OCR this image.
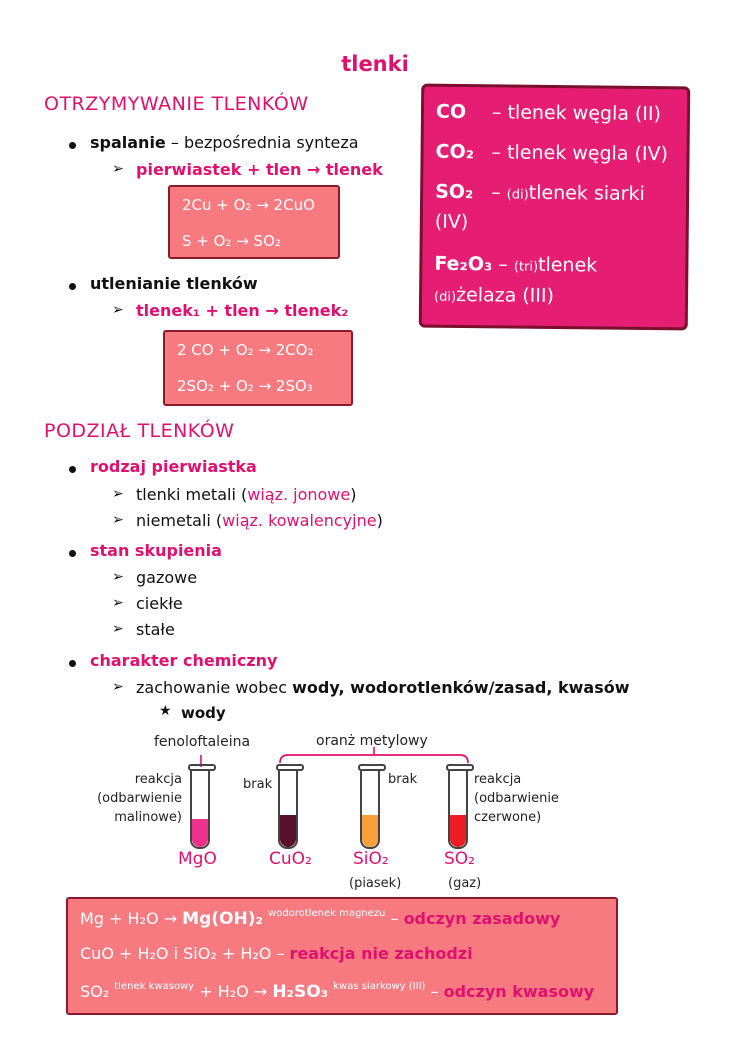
tlenki
OTRZYMYWANIE TLENKÓW
spalanie – bezpośrednia synteza
➢ pierwiastek + tlen → tlenek
2Cu + O₂ → 2CuO
S + O₂ → SO₂
utlenianie tlenków
➢ tlenek₁ + tlen → tlenek₂
2 CO + O₂ → 2CO₂
2SO₂ + O₂ → 2SO₃
CO – tlenek węgla (II)
CO₂ – tlenek węgla (IV)
SO₂ – (di)tlenek siarki
(IV)
Fe₂O₃ – (tri)tlenek
(di)żelaza (III)
PODZIAŁ TLENKÓW
rodzaj pierwiastka
➢ tlenki metali (wiąz. jonowe)
➢ niemetali (wiąz. kowalencyjne)
stan skupienia
➢ gazowe
➢ ciekłe
➢ stałe
charakter chemiczny
➢ zachowanie wobec wody, wodorotlenków/zasad, kwasów
★ wody
fenoloftaleina	oranż metylowy
reakcja
(odbarwienie
malinowe)
brak	brak	reakcja
(odbarwienie
czerwone)
MgO	CuO₂ SiO₂	SO₂
(piasek)	(gaz)
Mg + H₂O → Mg(OH)₂ $^{wodorotlenek magnezu}$ – odczyn zasadowy
CuO + H₂O i SiO₂ + H₂O – reakcja nie zachodzi
SO₂ $^{tlenek kwasowy}$ + H₂O → H₂SO₃ $^{kwas siarkowy (III)}$ – odczyn kwasowy
